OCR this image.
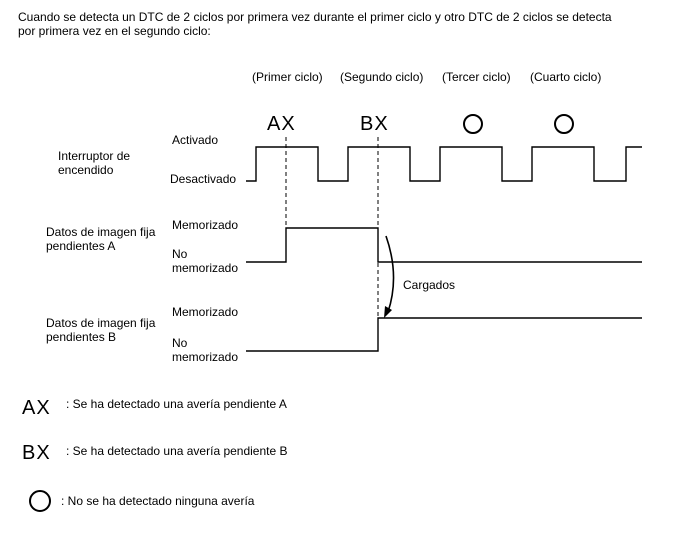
Cuando se detecta un DTC de 2 ciclos por primera vez durante el primer ciclo y otro DTC de 2 ciclos se detecta por primera vez en el segundo ciclo:
(Primer ciclo) (Segundo ciclo) (Tercer ciclo) (Cuarto ciclo)
AX	BX
Interruptor de encendido
Activado
Desactivado
Datos de imagen fija pendientes A
Memorizado
No memorizado
Datos de imagen fija pendientes B
Memorizado
No memorizado
Cargados
AX : Se ha detectado una avería pendiente A
BX : Se ha detectado una avería pendiente B
: No se ha detectado ninguna avería
